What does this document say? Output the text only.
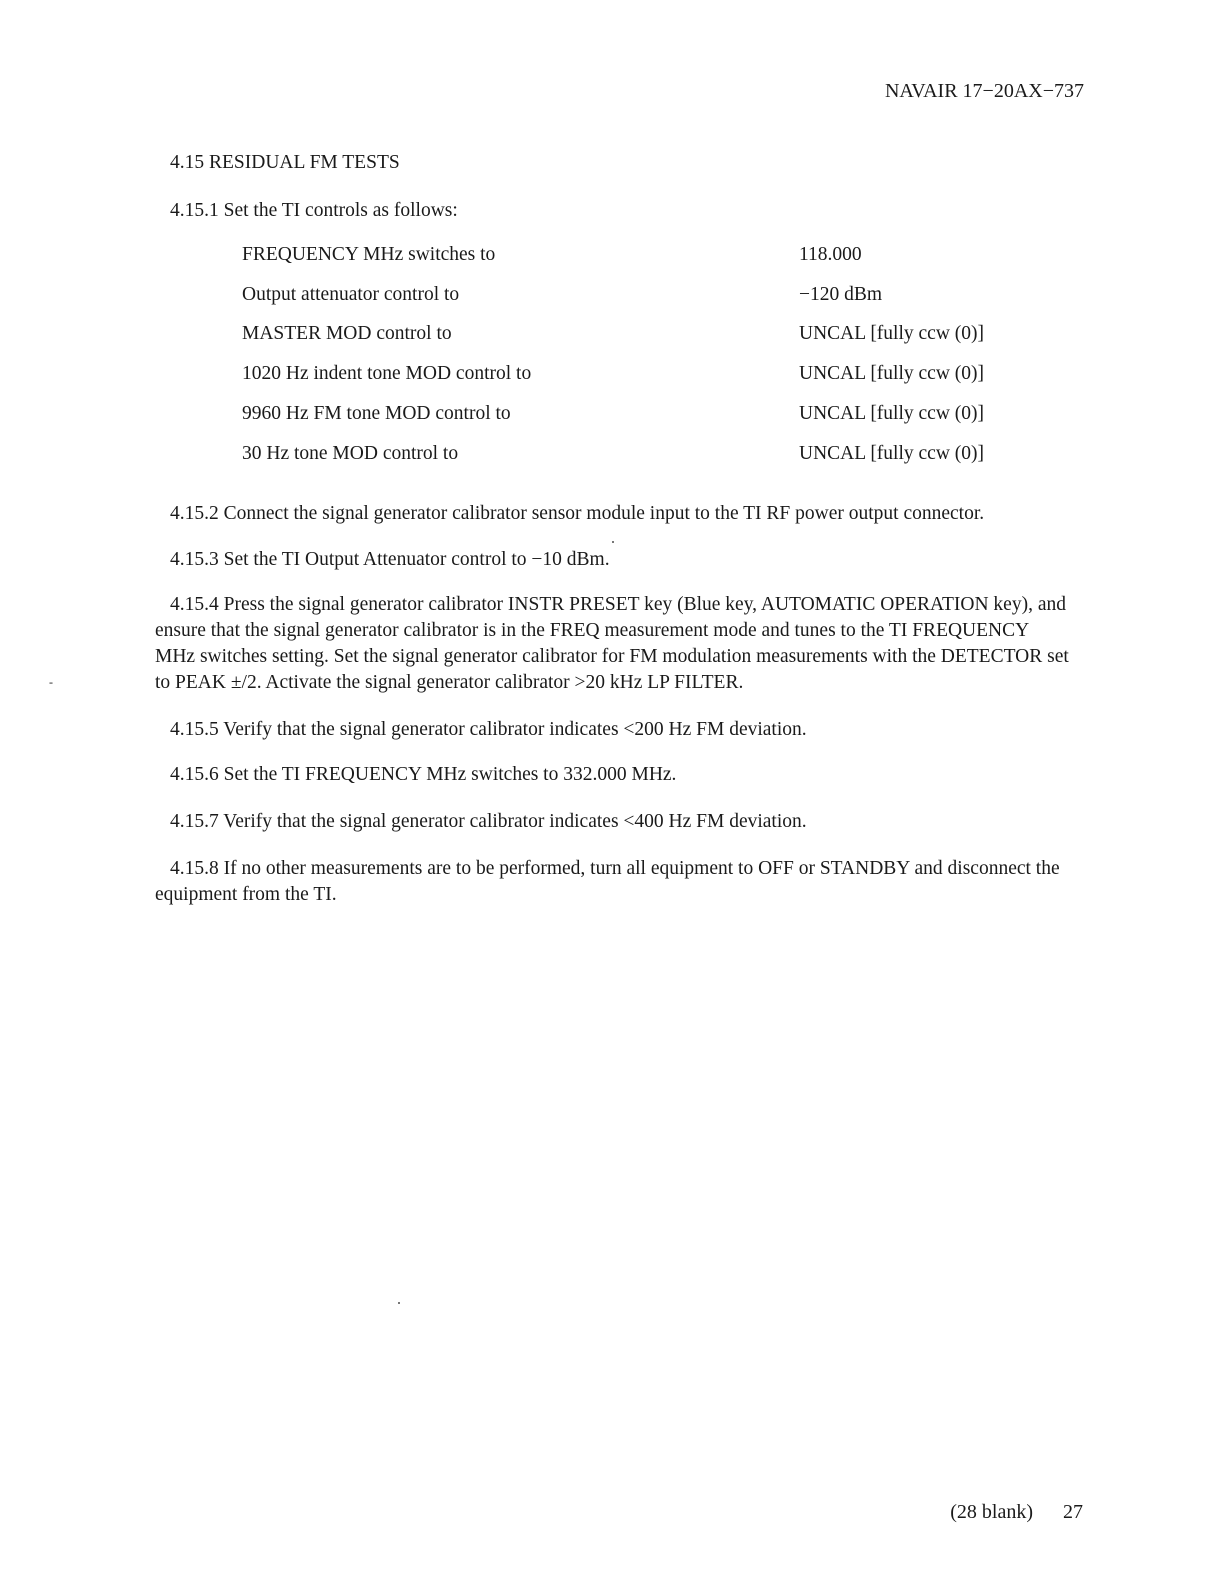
NAVAIR 17−20AX−737
4.15 RESIDUAL FM TESTS
4.15.1 Set the TI controls as follows:
FREQUENCY MHz switches to	118.000
Output attenuator control to	−120 dBm
MASTER MOD control to	UNCAL [fully ccw (0)]
1020 Hz indent tone MOD control to	UNCAL [fully ccw (0)]
9960 Hz FM tone MOD control to	UNCAL [fully ccw (0)]
30 Hz tone MOD control to	UNCAL [fully ccw (0)]
4.15.2 Connect the signal generator calibrator sensor module input to the TI RF power output connector.
4.15.3 Set the TI Output Attenuator control to −10 dBm.
4.15.4 Press the signal generator calibrator INSTR PRESET key (Blue key, AUTOMATIC OPERATION key), and ensure that the signal generator calibrator is in the FREQ measurement mode and tunes to the TI FREQUENCY MHz switches setting. Set the signal generator calibrator for FM modulation measurements with the DETECTOR set to PEAK ±/2. Activate the signal generator calibrator >20 kHz LP FILTER.
4.15.5 Verify that the signal generator calibrator indicates <200 Hz FM deviation.
4.15.6 Set the TI FREQUENCY MHz switches to 332.000 MHz.
4.15.7 Verify that the signal generator calibrator indicates <400 Hz FM deviation.
4.15.8 If no other measurements are to be performed, turn all equipment to OFF or STANDBY and disconnect the equipment from the TI.
-
(28 blank) 27
